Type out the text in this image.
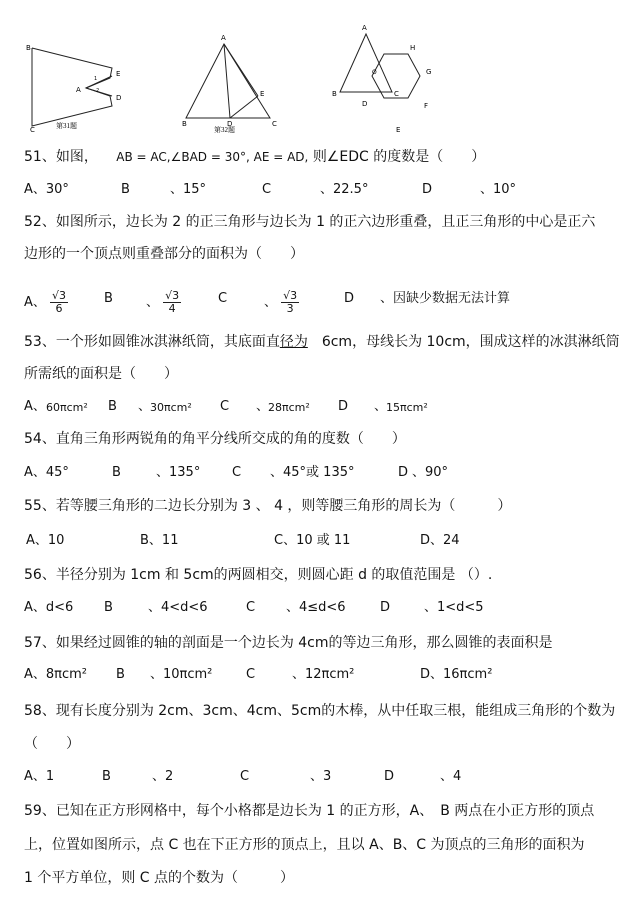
B
A
C
E
D
1
2
第31题
A
B	C
D
E
第32题
A
B	C
D
E
F
G
H
O
51、如图， AB = AC,∠BAD = 30°, AE = AD, 则∠EDC 的度数是（　　）
A、30°	B	、15°	C	、22.5°	D	、10°
52、如图所示，边长为 2 的正三角形与边长为 1 的正六边形重叠，且正三角形的中心是正六
边形的一个顶点则重叠部分的面积为（　　）
A、 $\frac{√3}{6}$	B	、 $\frac{√3}{4}$	C	、 $\frac{√3}{3}$	D 、因缺少数据无法计算
53、一个形如圆锥冰淇淋纸筒，其底面直径为　6cm，母线长为 10cm，围成这样的冰淇淋纸筒
所需纸的面积是（　　）
A、 60πcm² B 、
30πcm² C 、
28πcm² D 、
15πcm²
54、直角三角形两锐角的角平分线所交成的角的度数（　　）
A、45°	B	、135° C 、45°或 135°	D 、90°
55、若等腰三角形的二边长分别为 3 、 4 ，则等腰三角形的周长为（　　　）
A、10	B、11	C、10 或 11	D、24
56、半径分别为 1cm 和 5cm的两圆相交，则圆心距 d 的取值范围是 （）.
A、d<6 B	、4<d<6	C 、4≤d<6	D	、1<d<5
57、如果经过圆锥的轴的剖面是一个边长为 4cm的等边三角形，那么圆锥的表面积是
A、8πcm² B 、10πcm²	C	、12πcm²	D、16πcm²
58、现有长度分别为 2cm、3cm、4cm、5cm的木棒，从中任取三根，能组成三角形的个数为
（　　）
A、1	B	、2	C	、3	D	、4
59、已知在正方形网格中，每个小格都是边长为 1 的正方形，A、　B 两点在小正方形的顶点
上，位置如图所示，点 C 也在下正方形的顶点上，且以 A、B、C 为顶点的三角形的面积为
1 个平方单位，则 C 点的个数为（　　　）
